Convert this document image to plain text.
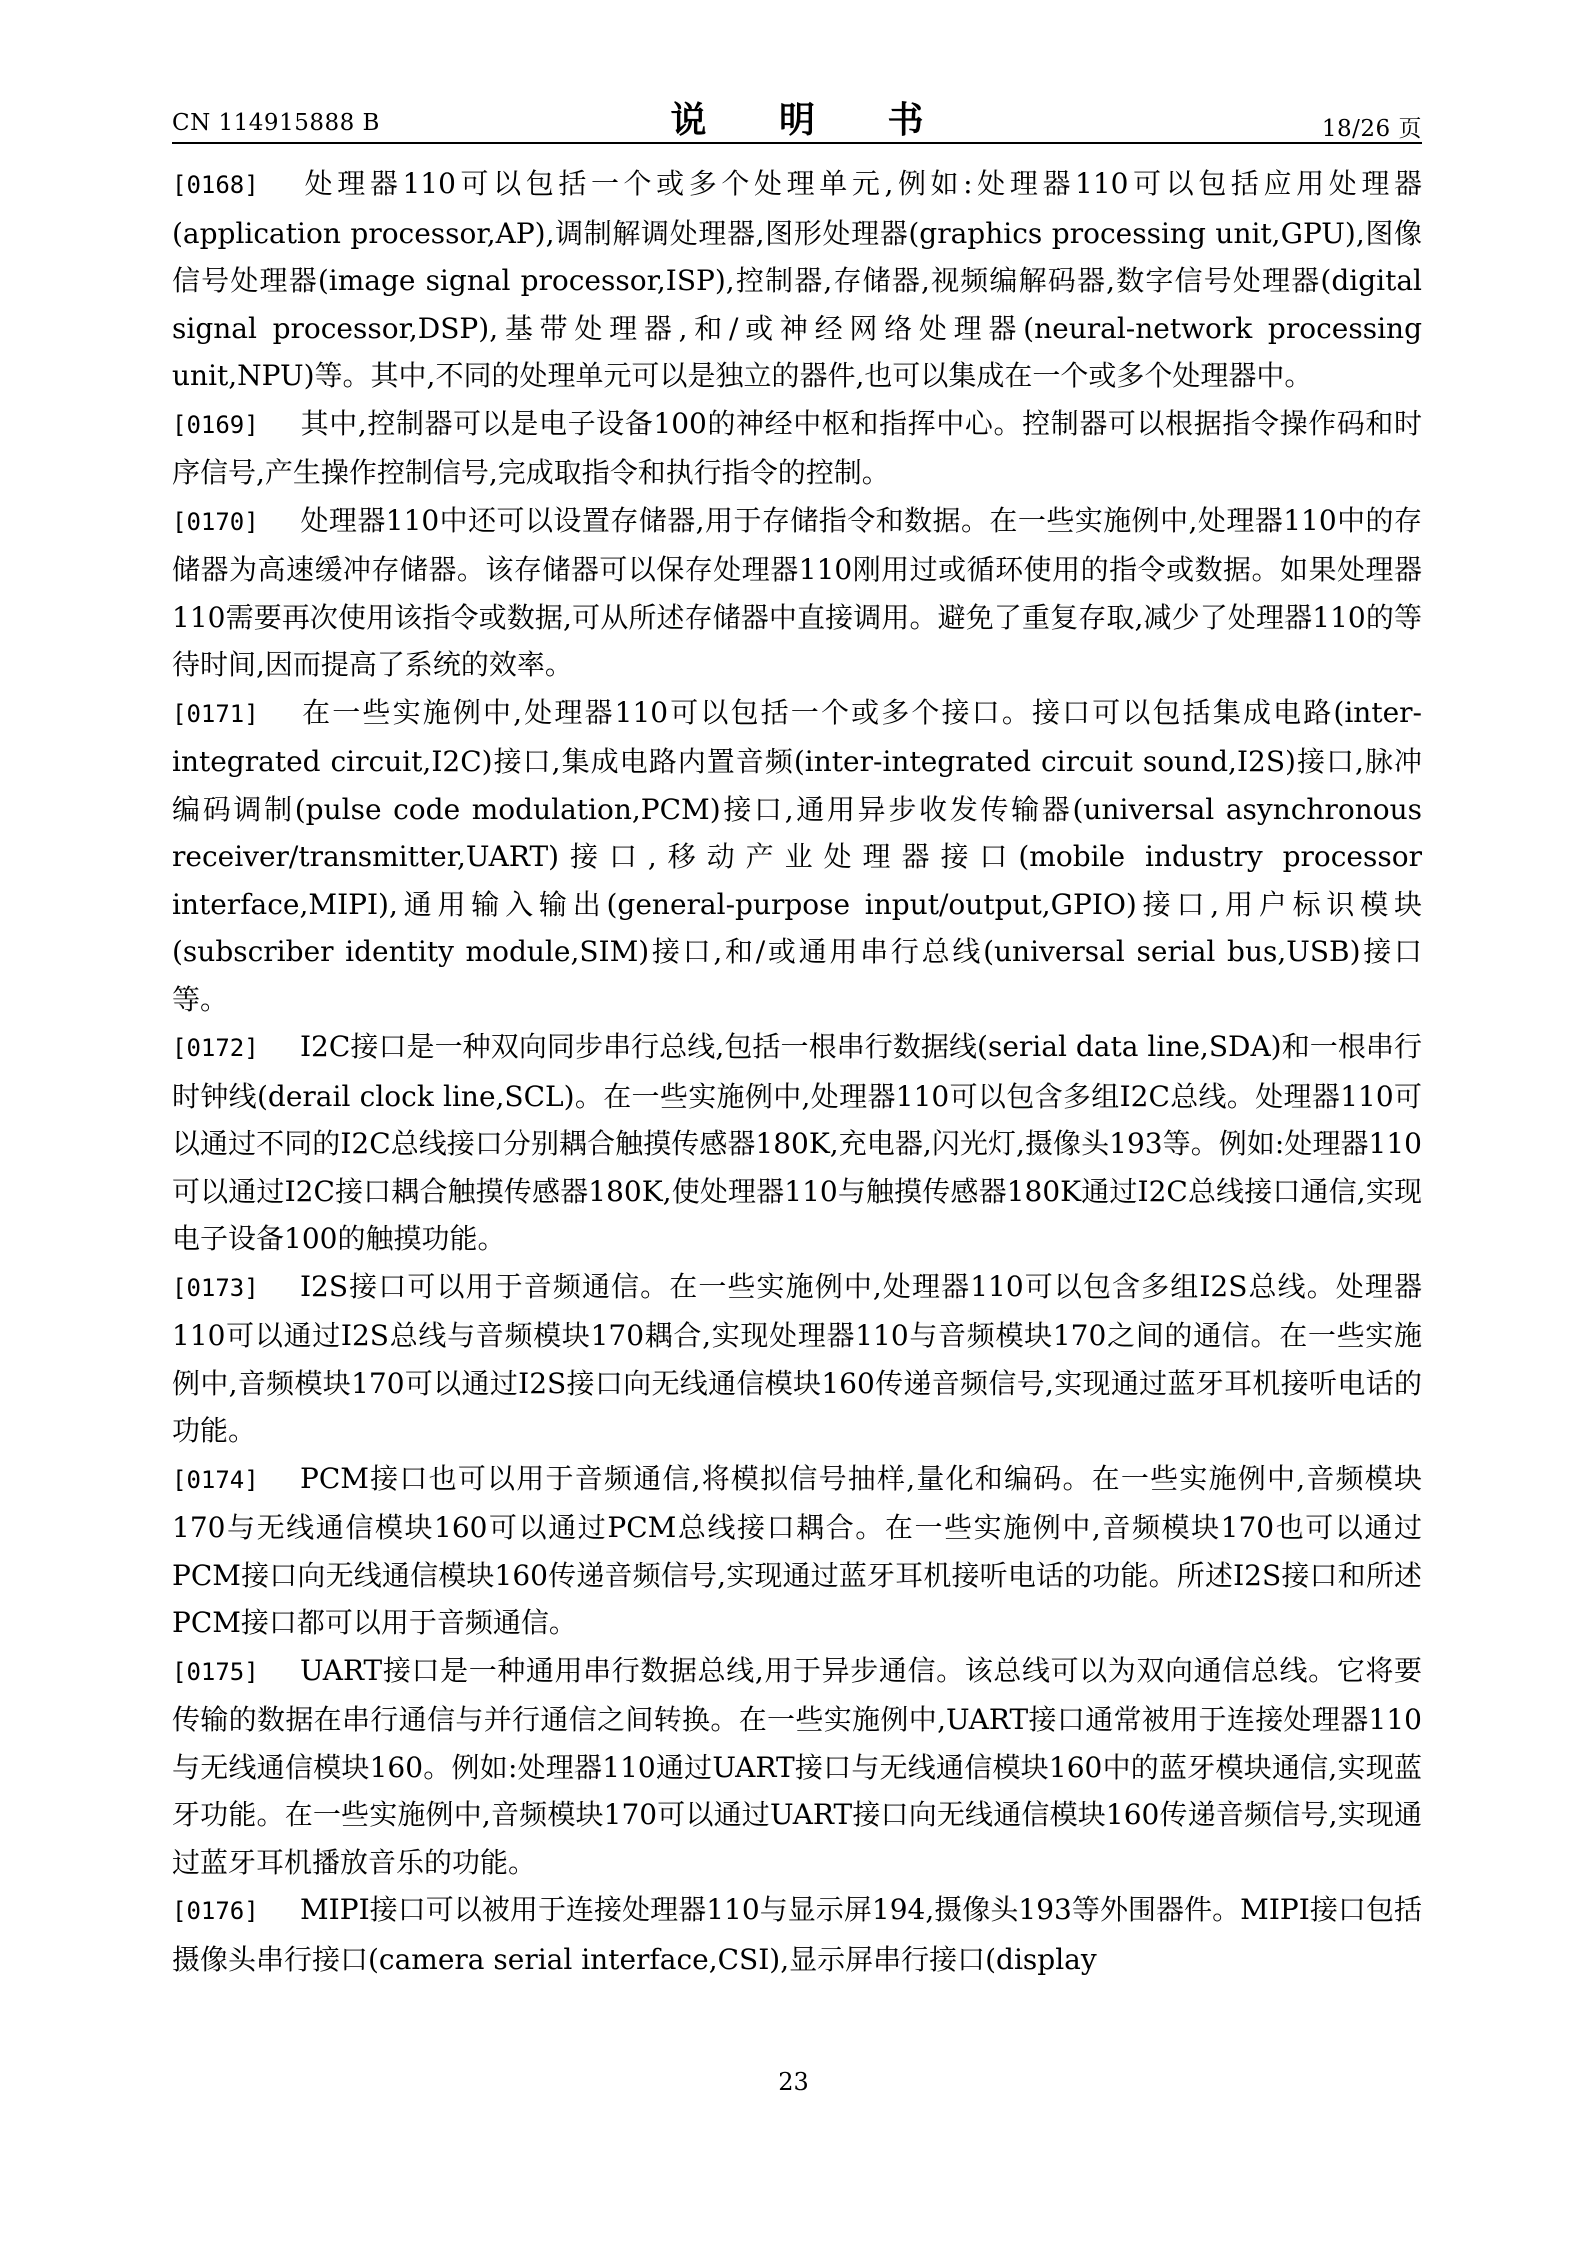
CN 114915888 B	说 明 书	18/26 页

[0168] 处理器110可以包括一个或多个处理单元,例如:处理器110可以包括应用处理器(application processor,AP),调制解调处理器,图形处理器(graphics processing unit,GPU),图像信号处理器(image signal processor,ISP),控制器,存储器,视频编解码器,数字信号处理器(digital signal processor,DSP),基带处理器,和/或神经网络处理器(neural-network processing unit,NPU)等。其中,不同的处理单元可以是独立的器件,也可以集成在一个或多个处理器中。

[0169] 其中,控制器可以是电子设备100的神经中枢和指挥中心。控制器可以根据指令操作码和时序信号,产生操作控制信号,完成取指令和执行指令的控制。

[0170] 处理器110中还可以设置存储器,用于存储指令和数据。在一些实施例中,处理器110中的存储器为高速缓冲存储器。该存储器可以保存处理器110刚用过或循环使用的指令或数据。如果处理器110需要再次使用该指令或数据,可从所述存储器中直接调用。避免了重复存取,减少了处理器110的等待时间,因而提高了系统的效率。

[0171] 在一些实施例中,处理器110可以包括一个或多个接口。接口可以包括集成电路(inter-integrated circuit,I2C)接口,集成电路内置音频(inter-integrated circuit sound,I2S)接口,脉冲编码调制(pulse code modulation,PCM)接口,通用异步收发传输器(universal asynchronous receiver/transmitter,UART)接口,移动产业处理器接口(mobile industry processor interface,MIPI),通用输入输出(general-purpose input/output,GPIO)接口,用户标识模块(subscriber identity module,SIM)接口,和/或通用串行总线(universal serial bus,USB)接口等。

[0172] I2C接口是一种双向同步串行总线,包括一根串行数据线(serial data line,SDA)和一根串行时钟线(derail clock line,SCL)。在一些实施例中,处理器110可以包含多组I2C总线。处理器110可以通过不同的I2C总线接口分别耦合触摸传感器180K,充电器,闪光灯,摄像头193等。例如:处理器110可以通过I2C接口耦合触摸传感器180K,使处理器110与触摸传感器180K通过I2C总线接口通信,实现电子设备100的触摸功能。

[0173] I2S接口可以用于音频通信。在一些实施例中,处理器110可以包含多组I2S总线。处理器110可以通过I2S总线与音频模块170耦合,实现处理器110与音频模块170之间的通信。在一些实施例中,音频模块170可以通过I2S接口向无线通信模块160传递音频信号,实现通过蓝牙耳机接听电话的功能。

[0174] PCM接口也可以用于音频通信,将模拟信号抽样,量化和编码。在一些实施例中,音频模块170与无线通信模块160可以通过PCM总线接口耦合。在一些实施例中,音频模块170也可以通过PCM接口向无线通信模块160传递音频信号,实现通过蓝牙耳机接听电话的功能。所述I2S接口和所述PCM接口都可以用于音频通信。

[0175] UART接口是一种通用串行数据总线,用于异步通信。该总线可以为双向通信总线。它将要传输的数据在串行通信与并行通信之间转换。在一些实施例中,UART接口通常被用于连接处理器110与无线通信模块160。例如:处理器110通过UART接口与无线通信模块160中的蓝牙模块通信,实现蓝牙功能。在一些实施例中,音频模块170可以通过UART接口向无线通信模块160传递音频信号,实现通过蓝牙耳机播放音乐的功能。

[0176] MIPI接口可以被用于连接处理器110与显示屏194,摄像头193等外围器件。MIPI接口包括摄像头串行接口(camera serial interface,CSI),显示屏串行接口(display

23
